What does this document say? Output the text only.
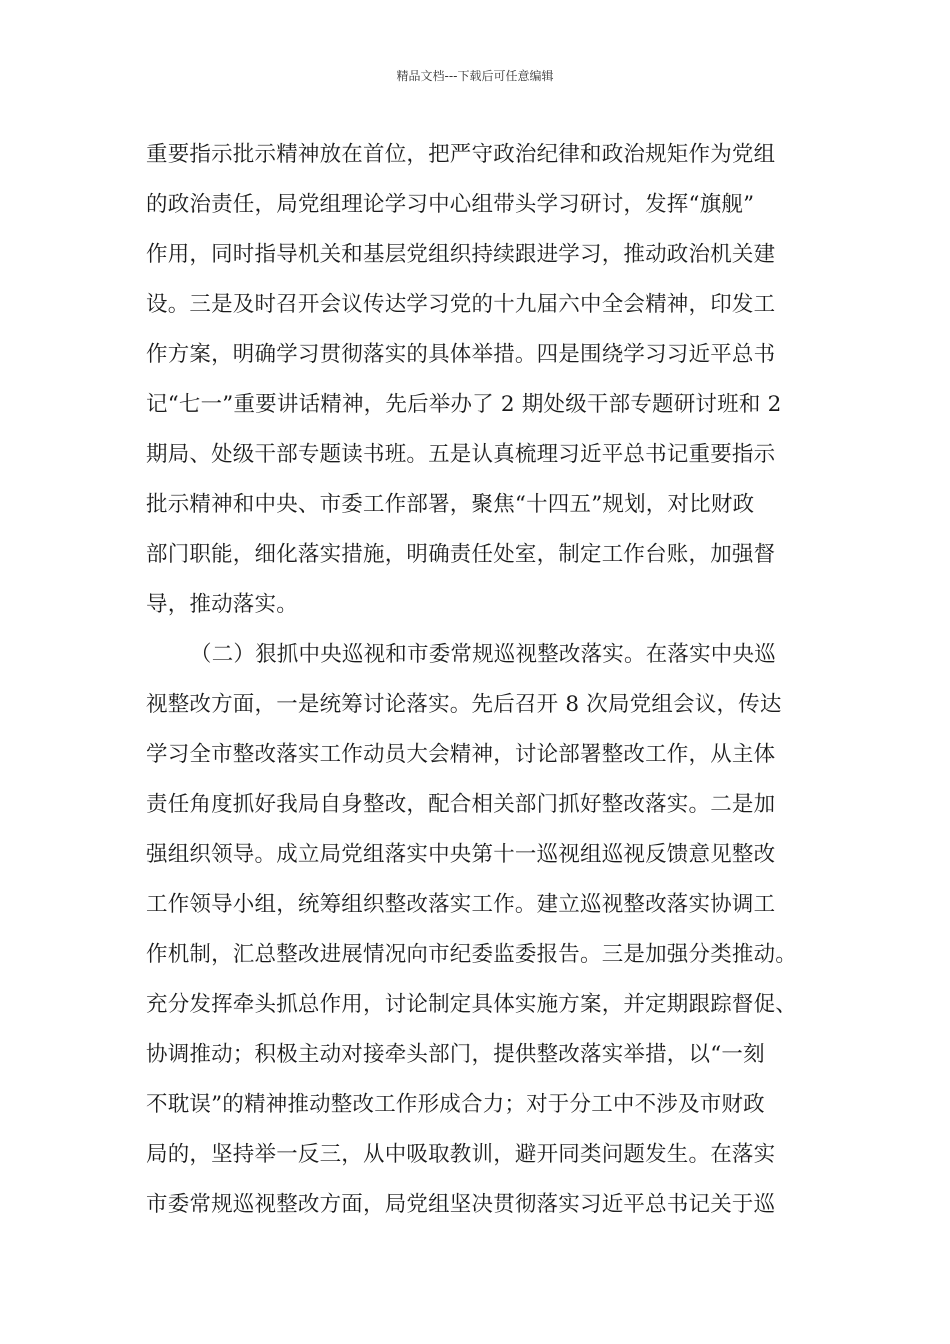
精品文档---下载后可任意编辑
重要指示批示精神放在首位，把严守政治纪律和政治规矩作为党组
的政治责任，局党组理论学习中心组带头学习研讨，发挥“旗舰”
作用，同时指导机关和基层党组织持续跟进学习，推动政治机关建
设。三是及时召开会议传达学习党的十九届六中全会精神，印发工
作方案，明确学习贯彻落实的具体举措。四是围绕学习习近平总书
记“七一”重要讲话精神，先后举办了 2 期处级干部专题研讨班和 2
期局、处级干部专题读书班。五是认真梳理习近平总书记重要指示
批示精神和中央、市委工作部署，聚焦“十四五”规划，对比财政
部门职能，细化落实措施，明确责任处室，制定工作台账，加强督
导，推动落实。
（二）狠抓中央巡视和市委常规巡视整改落实。在落实中央巡
视整改方面，一是统筹讨论落实。先后召开 8 次局党组会议，传达
学习全市整改落实工作动员大会精神，讨论部署整改工作，从主体
责任角度抓好我局自身整改，配合相关部门抓好整改落实。二是加
强组织领导。成立局党组落实中央第十一巡视组巡视反馈意见整改
工作领导小组，统筹组织整改落实工作。建立巡视整改落实协调工
作机制，汇总整改进展情况向市纪委监委报告。三是加强分类推动。
充分发挥牵头抓总作用，讨论制定具体实施方案，并定期跟踪督促、
协调推动；积极主动对接牵头部门，提供整改落实举措，以“一刻
不耽误”的精神推动整改工作形成合力；对于分工中不涉及市财政
局的，坚持举一反三，从中吸取教训，避开同类问题发生。在落实
市委常规巡视整改方面，局党组坚决贯彻落实习近平总书记关于巡
